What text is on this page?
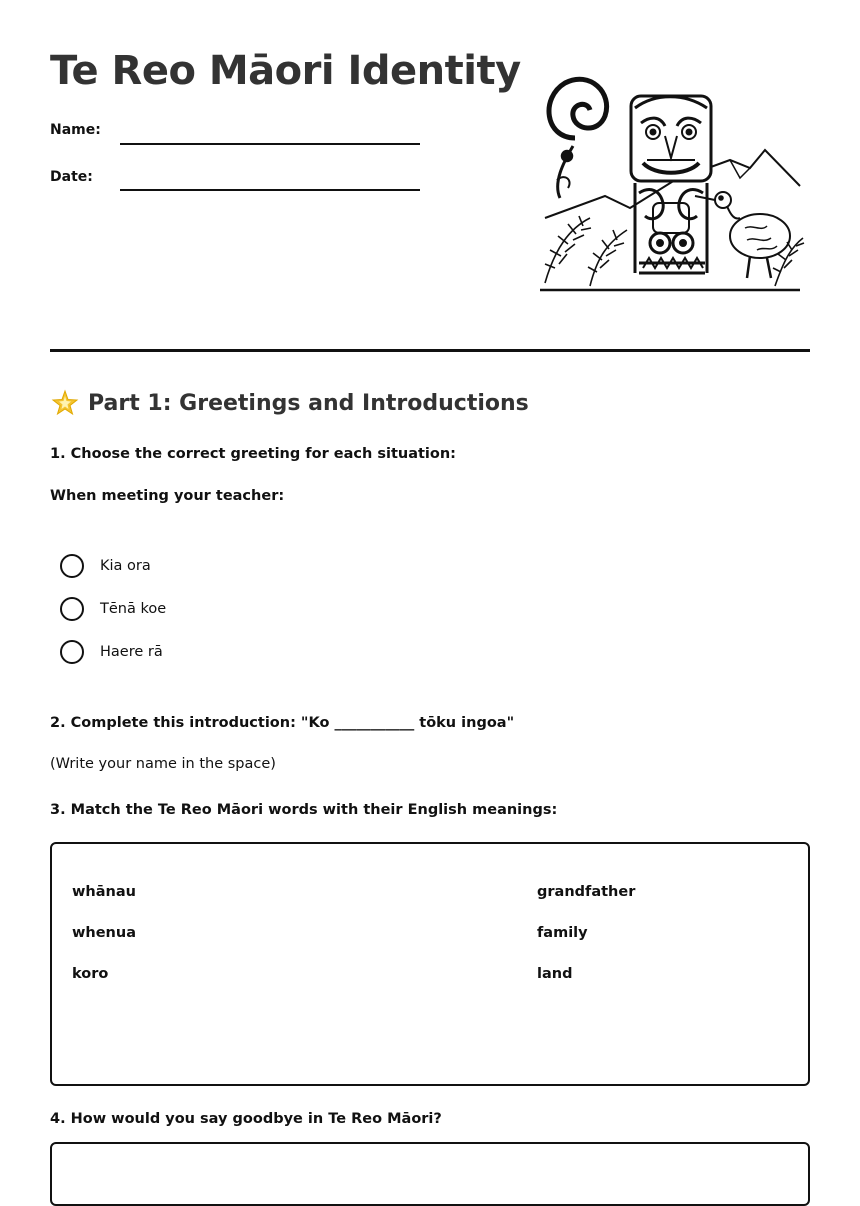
Te Reo Māori Identity
Name:
Date:
Part 1: Greetings and Introductions
1. Choose the correct greeting for each situation:
When meeting your teacher:
Kia ora
Tēnā koe
Haere rā
2. Complete this introduction: "Ko ___________ tōku ingoa"
(Write your name in the space)
3. Match the Te Reo Māori words with their English meanings:
whānau
whenua
koro
grandfather
family
land
4. How would you say goodbye in Te Reo Māori?
